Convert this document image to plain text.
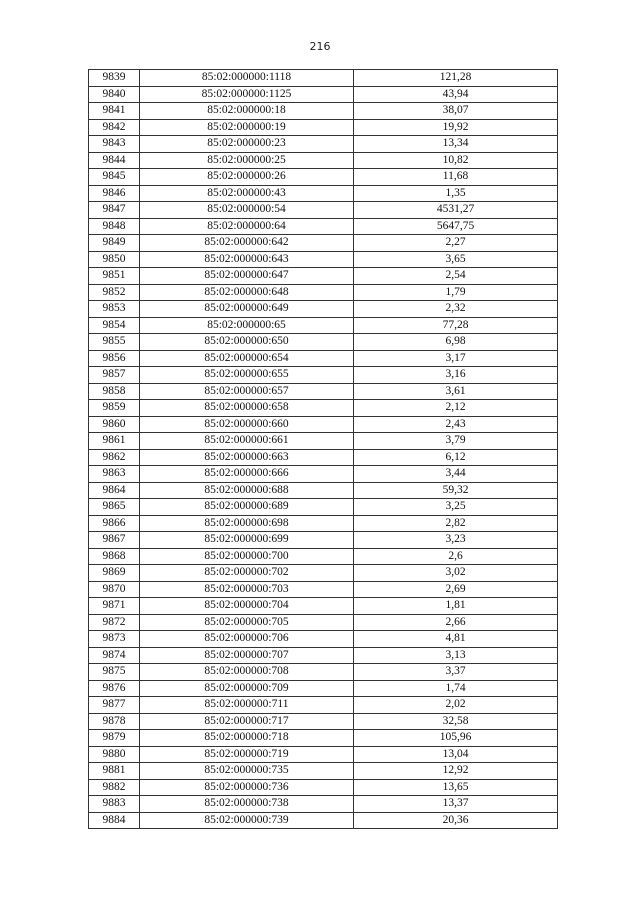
216
9839	85:02:000000:1118	121,28
9840	85:02:000000:1125	43,94
9841	85:02:000000:18	38,07
9842	85:02:000000:19	19,92
9843	85:02:000000:23	13,34
9844	85:02:000000:25	10,82
9845	85:02:000000:26	11,68
9846	85:02:000000:43	1,35
9847	85:02:000000:54	4531,27
9848	85:02:000000:64	5647,75
9849	85:02:000000:642	2,27
9850	85:02:000000:643	3,65
9851	85:02:000000:647	2,54
9852	85:02:000000:648	1,79
9853	85:02:000000:649	2,32
9854	85:02:000000:65	77,28
9855	85:02:000000:650	6,98
9856	85:02:000000:654	3,17
9857	85:02:000000:655	3,16
9858	85:02:000000:657	3,61
9859	85:02:000000:658	2,12
9860	85:02:000000:660	2,43
9861	85:02:000000:661	3,79
9862	85:02:000000:663	6,12
9863	85:02:000000:666	3,44
9864	85:02:000000:688	59,32
9865	85:02:000000:689	3,25
9866	85:02:000000:698	2,82
9867	85:02:000000:699	3,23
9868	85:02:000000:700	2,6
9869	85:02:000000:702	3,02
9870	85:02:000000:703	2,69
9871	85:02:000000:704	1,81
9872	85:02:000000:705	2,66
9873	85:02:000000:706	4,81
9874	85:02:000000:707	3,13
9875	85:02:000000:708	3,37
9876	85:02:000000:709	1,74
9877	85:02:000000:711	2,02
9878	85:02:000000:717	32,58
9879	85:02:000000:718	105,96
9880	85:02:000000:719	13,04
9881	85:02:000000:735	12,92
9882	85:02:000000:736	13,65
9883	85:02:000000:738	13,37
9884	85:02:000000:739	20,36
